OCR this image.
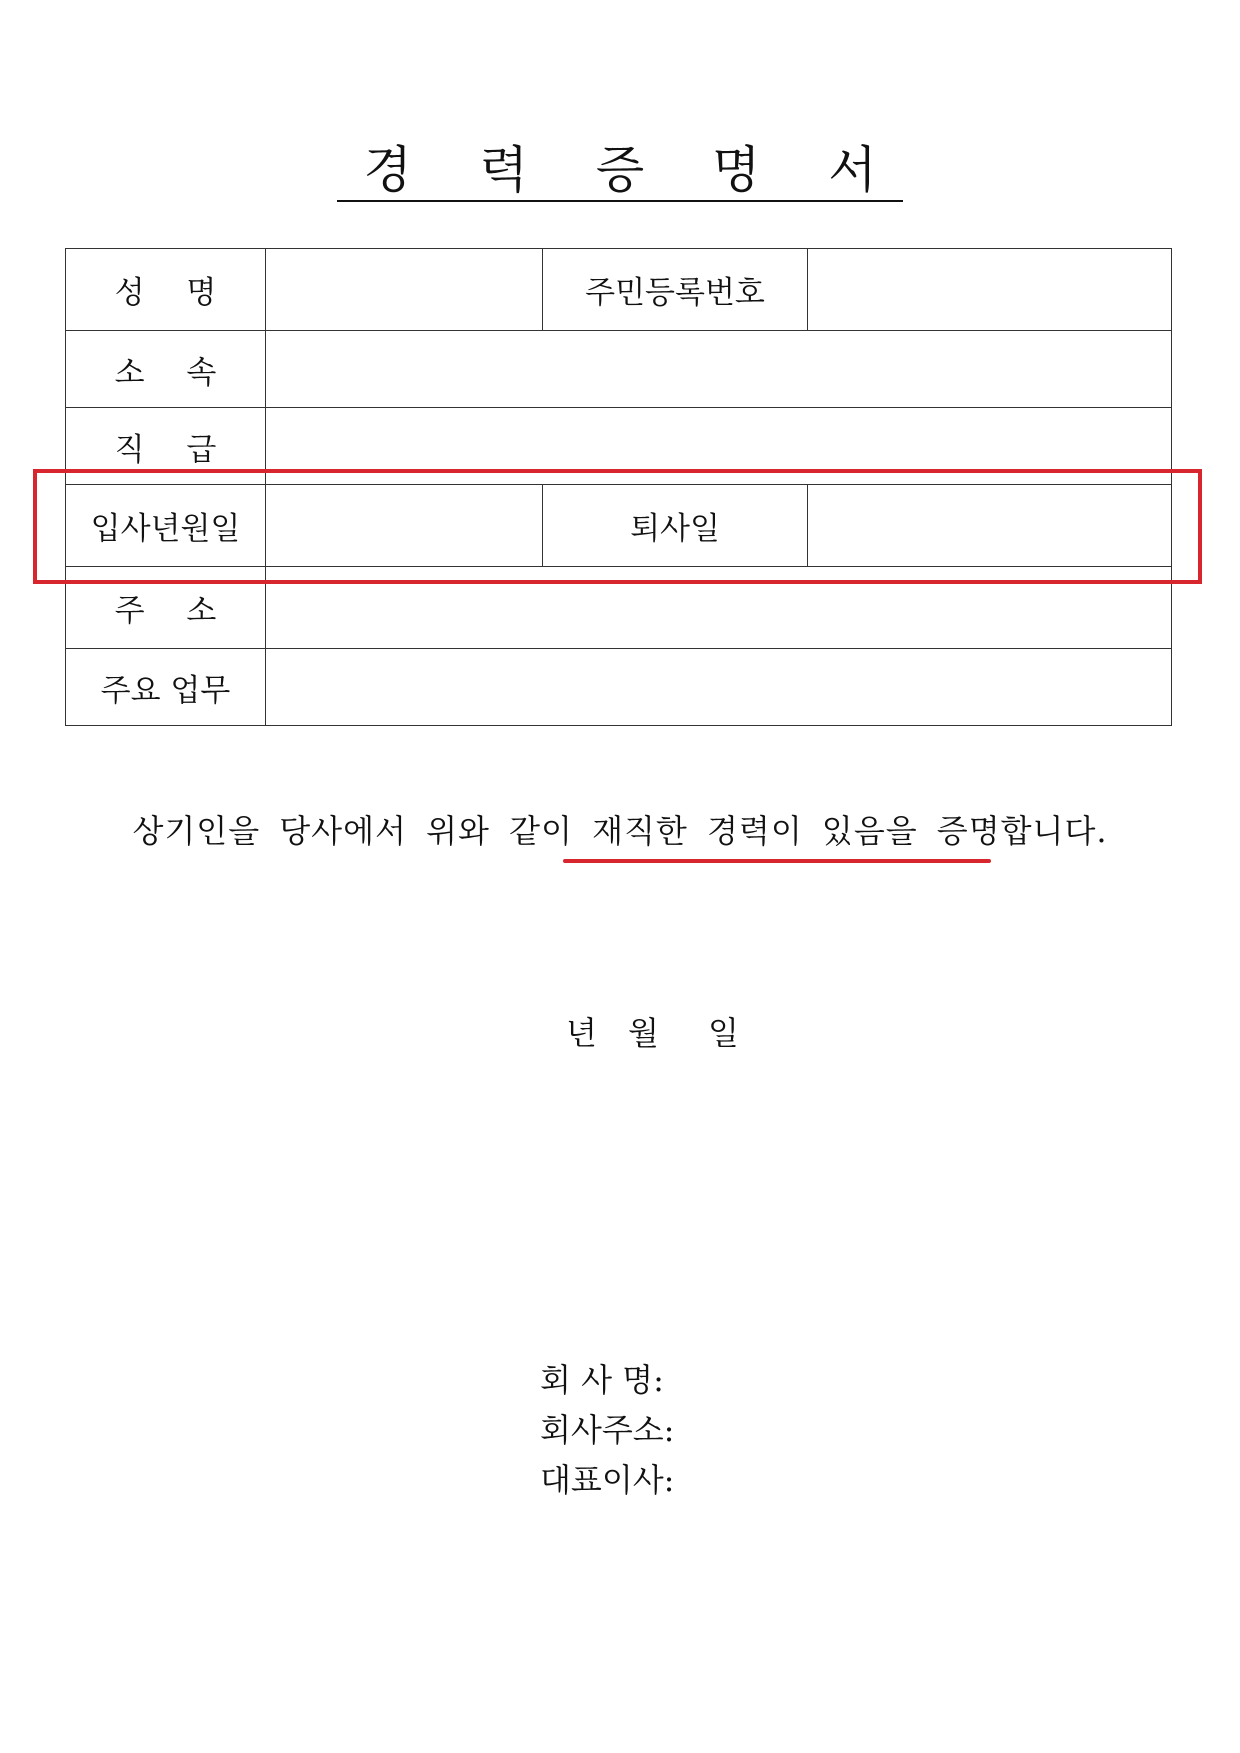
경 력 증 명 서
성 명		주민등록번호	
소 속			
직 급			
입사년원일		퇴사일	
주 소			
주요 업무			
상기인을 당사에서 위와 같이 재직한 경력이 있음을 증명합니다.
년 월 일
회 사 명:
회사주소:
대표이사:
